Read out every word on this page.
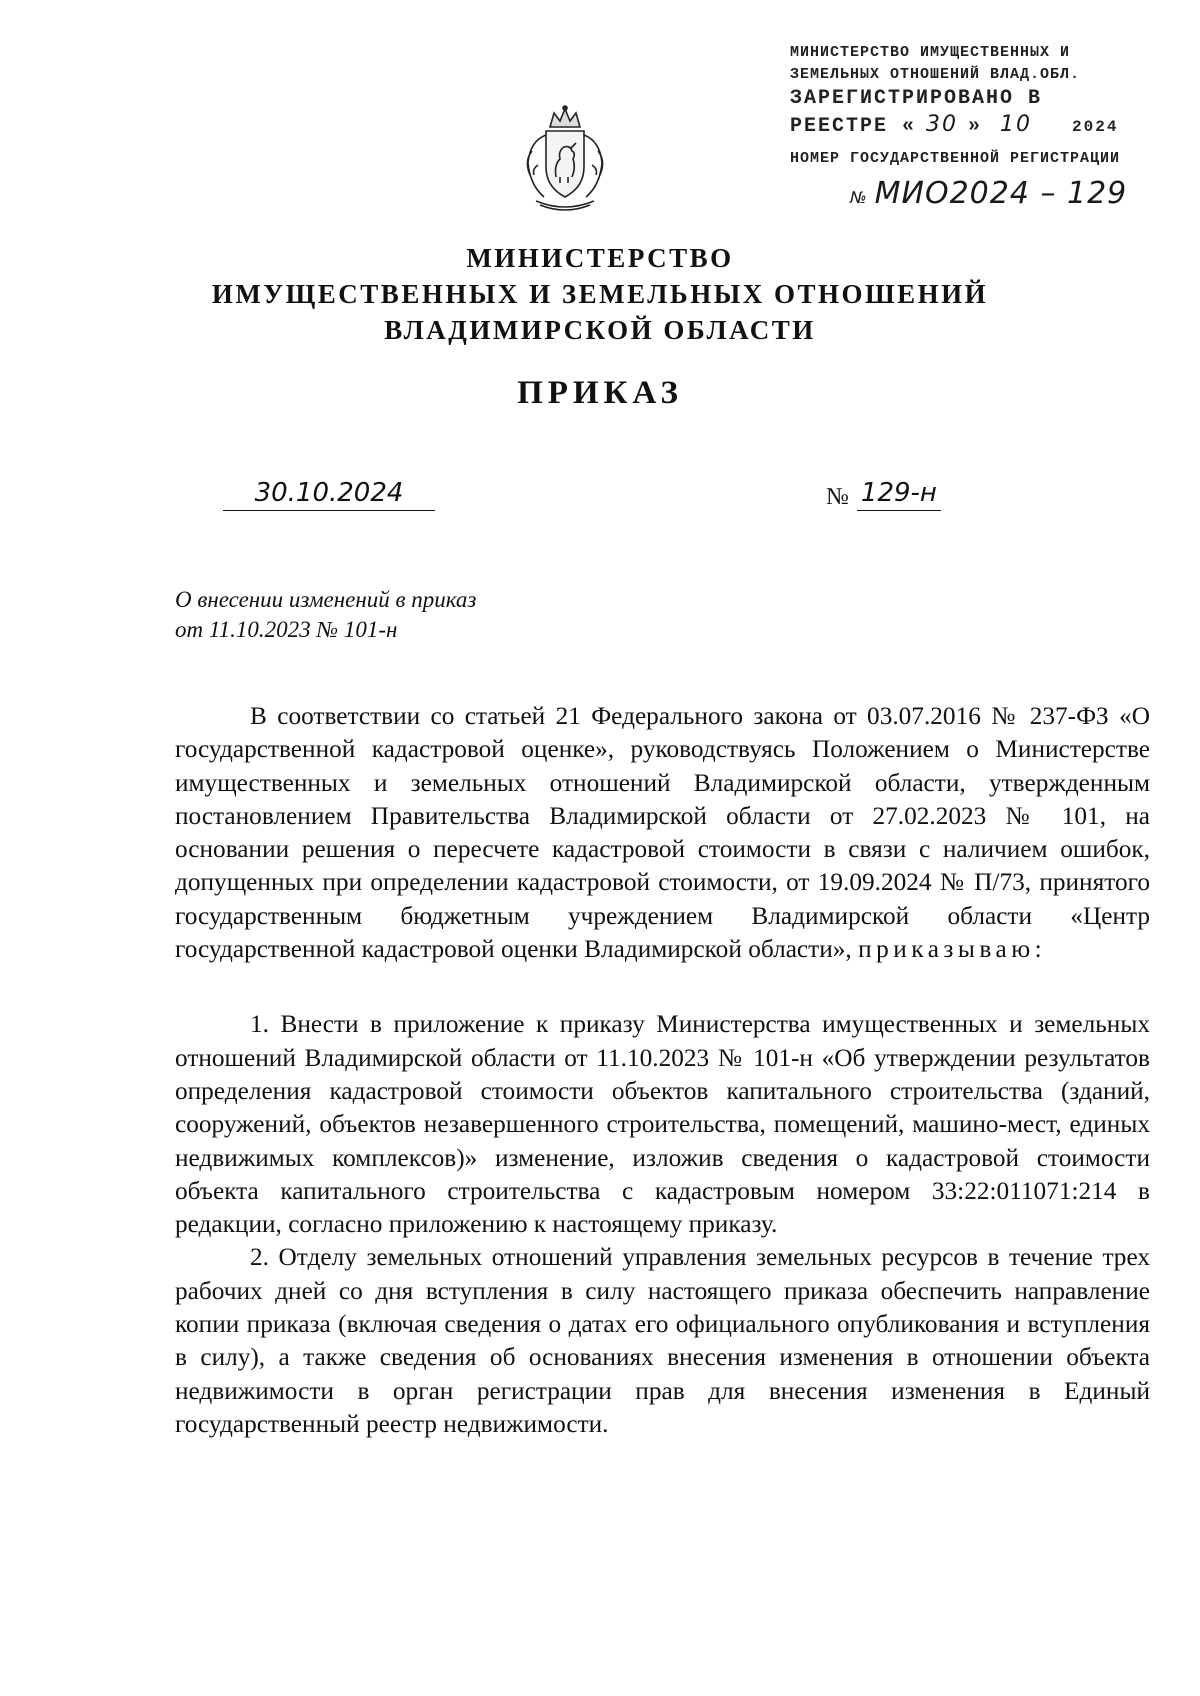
МИНИСТЕРСТВО ИМУЩЕСТВЕННЫХ И
ЗЕМЕЛЬНЫХ ОТНОШЕНИЙ ВЛАД.ОБЛ.
ЗАРЕГИСТРИРОВАНО В
РЕЕСТРЕ « 30 » 10	2024
НОМЕР ГОСУДАРСТВЕННОЙ РЕГИСТРАЦИИ
№ МИО2024 – 129
МИНИСТЕРСТВО
ИМУЩЕСТВЕННЫХ И ЗЕМЕЛЬНЫХ ОТНОШЕНИЙ
ВЛАДИМИРСКОЙ ОБЛАСТИ
ПРИКАЗ
30.10.2024	№ 129-н
О внесении изменений в приказ
от 11.10.2023 № 101-н

В соответствии со статьей 21 Федерального закона от 03.07.2016 № 237-ФЗ «О государственной кадастровой оценке», руководствуясь Положением о Министерстве имущественных и земельных отношений Владимирской области, утвержденным постановлением Правительства Владимирской области от 27.02.2023 № 101, на основании решения о пересчете кадастровой стоимости в связи с наличием ошибок, допущенных при определении кадастровой стоимости, от 19.09.2024 № П/73, принятого государственным бюджетным учреждением Владимирской области «Центр государственной кадастровой оценки Владимирской области», приказываю:

1. Внести в приложение к приказу Министерства имущественных и земельных отношений Владимирской области от 11.10.2023 № 101-н «Об утверждении результатов определения кадастровой стоимости объектов капитального строительства (зданий, сооружений, объектов незавершенного строительства, помещений, машино-мест, единых недвижимых комплексов)» изменение, изложив сведения о кадастровой стоимости объекта капитального строительства с кадастровым номером 33:22:011071:214 в редакции, согласно приложению к настоящему приказу.

2. Отделу земельных отношений управления земельных ресурсов в течение трех рабочих дней со дня вступления в силу настоящего приказа обеспечить направление копии приказа (включая сведения о датах его официального опубликования и вступления в силу), а также сведения об основаниях внесения изменения в отношении объекта недвижимости в орган регистрации прав для внесения изменения в Единый государственный реестр недвижимости.
